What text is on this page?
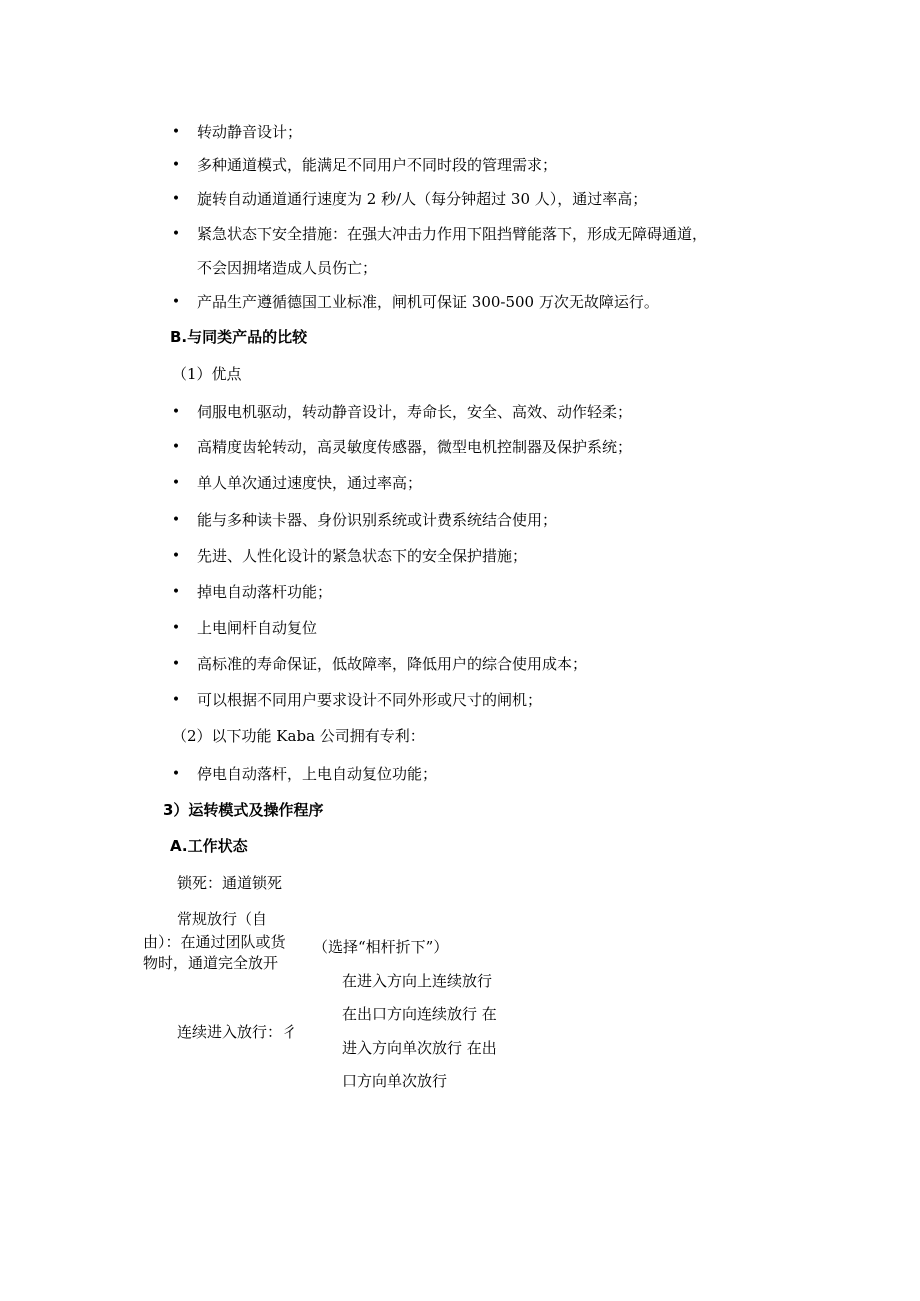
• 转动静音设计；
• 多种通道模式，能满足不同用户不同时段的管理需求；
• 旋转自动通道通行速度为 2 秒/人（每分钟超过 30 人），通过率高；
• 紧急状态下安全措施：在强大冲击力作用下阻挡臂能落下，形成无障碍通道，
不会因拥堵造成人员伤亡；
• 产品生产遵循德国工业标准，闸机可保证 300-500 万次无故障运行。
B.与同类产品的比较
（1）优点
• 伺服电机驱动，转动静音设计，寿命长，安全、高效、动作轻柔；
• 高精度齿轮转动，高灵敏度传感器，微型电机控制器及保护系统；
• 单人单次通过速度快，通过率高；
• 能与多种读卡器、身份识别系统或计费系统结合使用；
• 先进、人性化设计的紧急状态下的安全保护措施；
• 掉电自动落杆功能；
• 上电闸杆自动复位
• 高标准的寿命保证，低故障率，降低用户的综合使用成本；
• 可以根据不同用户要求设计不同外形或尺寸的闸机；
（2）以下功能 Kaba 公司拥有专利：
• 停电自动落杆，上电自动复位功能；
3）运转模式及操作程序
A.工作状态
锁死：通道锁死
常规放行（自
由）：在通过团队或货
物时，通道完全放开
（选择“相杆折下”）
连续进入放行：彳
在进入方向上连续放行
在出口方向连续放行 在
进入方向单次放行 在出
口方向单次放行
